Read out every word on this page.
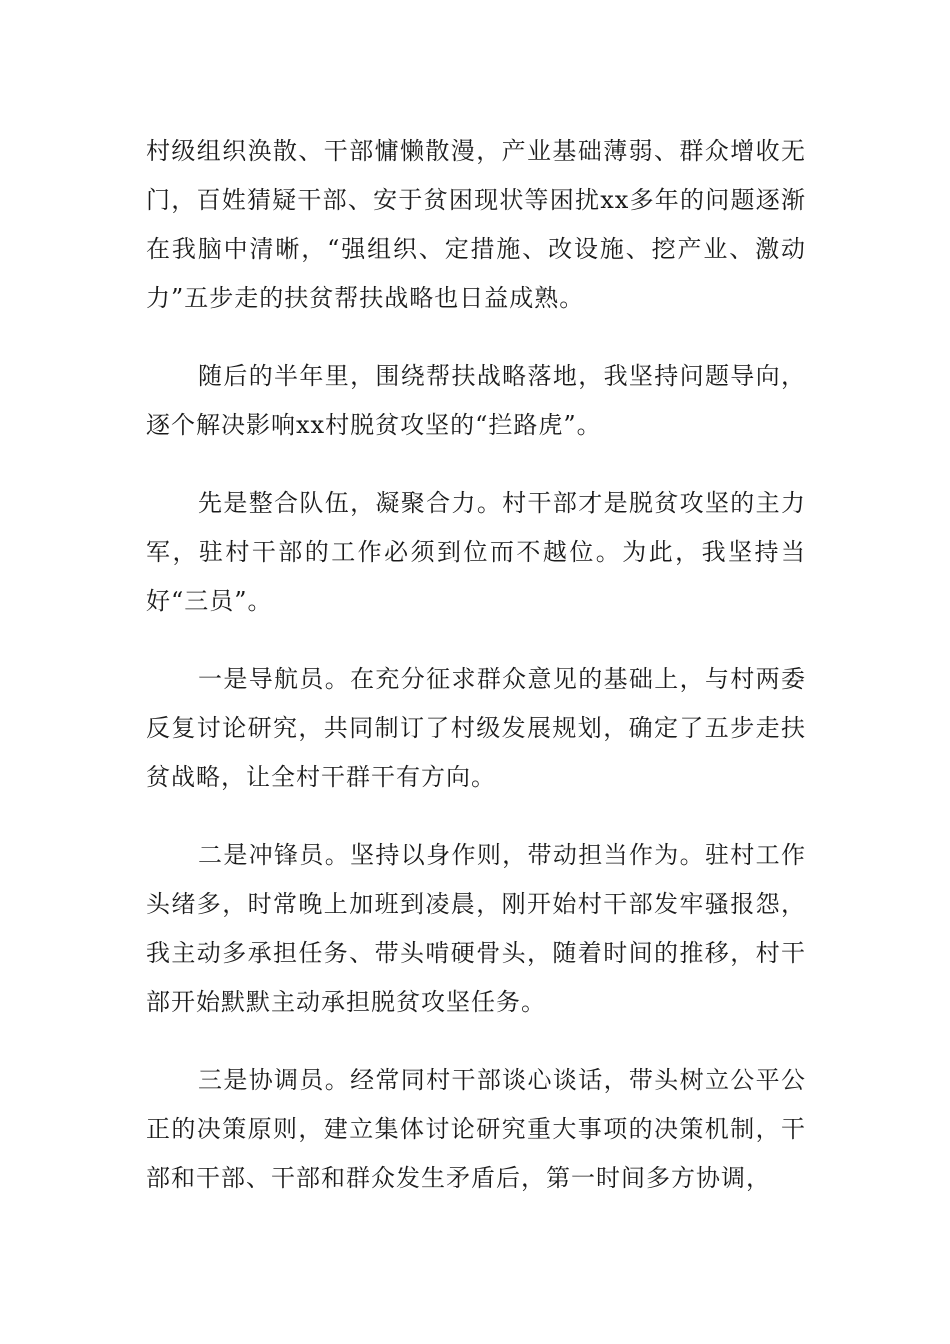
村级组织涣散、干部慵懒散漫，产业基础薄弱、群众增收无门，百姓猜疑干部、安于贫困现状等困扰xx多年的问题逐渐在我脑中清晰，“强组织、定措施、改设施、挖产业、激动力”五步走的扶贫帮扶战略也日益成熟。

随后的半年里，围绕帮扶战略落地，我坚持问题导向，逐个解决影响xx村脱贫攻坚的“拦路虎”。

先是整合队伍，凝聚合力。村干部才是脱贫攻坚的主力军，驻村干部的工作必须到位而不越位。为此，我坚持当好“三员”。

一是导航员。在充分征求群众意见的基础上，与村两委反复讨论研究，共同制订了村级发展规划，确定了五步走扶贫战略，让全村干群干有方向。

二是冲锋员。坚持以身作则，带动担当作为。驻村工作头绪多，时常晚上加班到凌晨，刚开始村干部发牢骚报怨，我主动多承担任务、带头啃硬骨头，随着时间的推移，村干部开始默默主动承担脱贫攻坚任务。

三是协调员。经常同村干部谈心谈话，带头树立公平公正的决策原则，建立集体讨论研究重大事项的决策机制，干部和干部、干部和群众发生矛盾后，第一时间多方协调，
